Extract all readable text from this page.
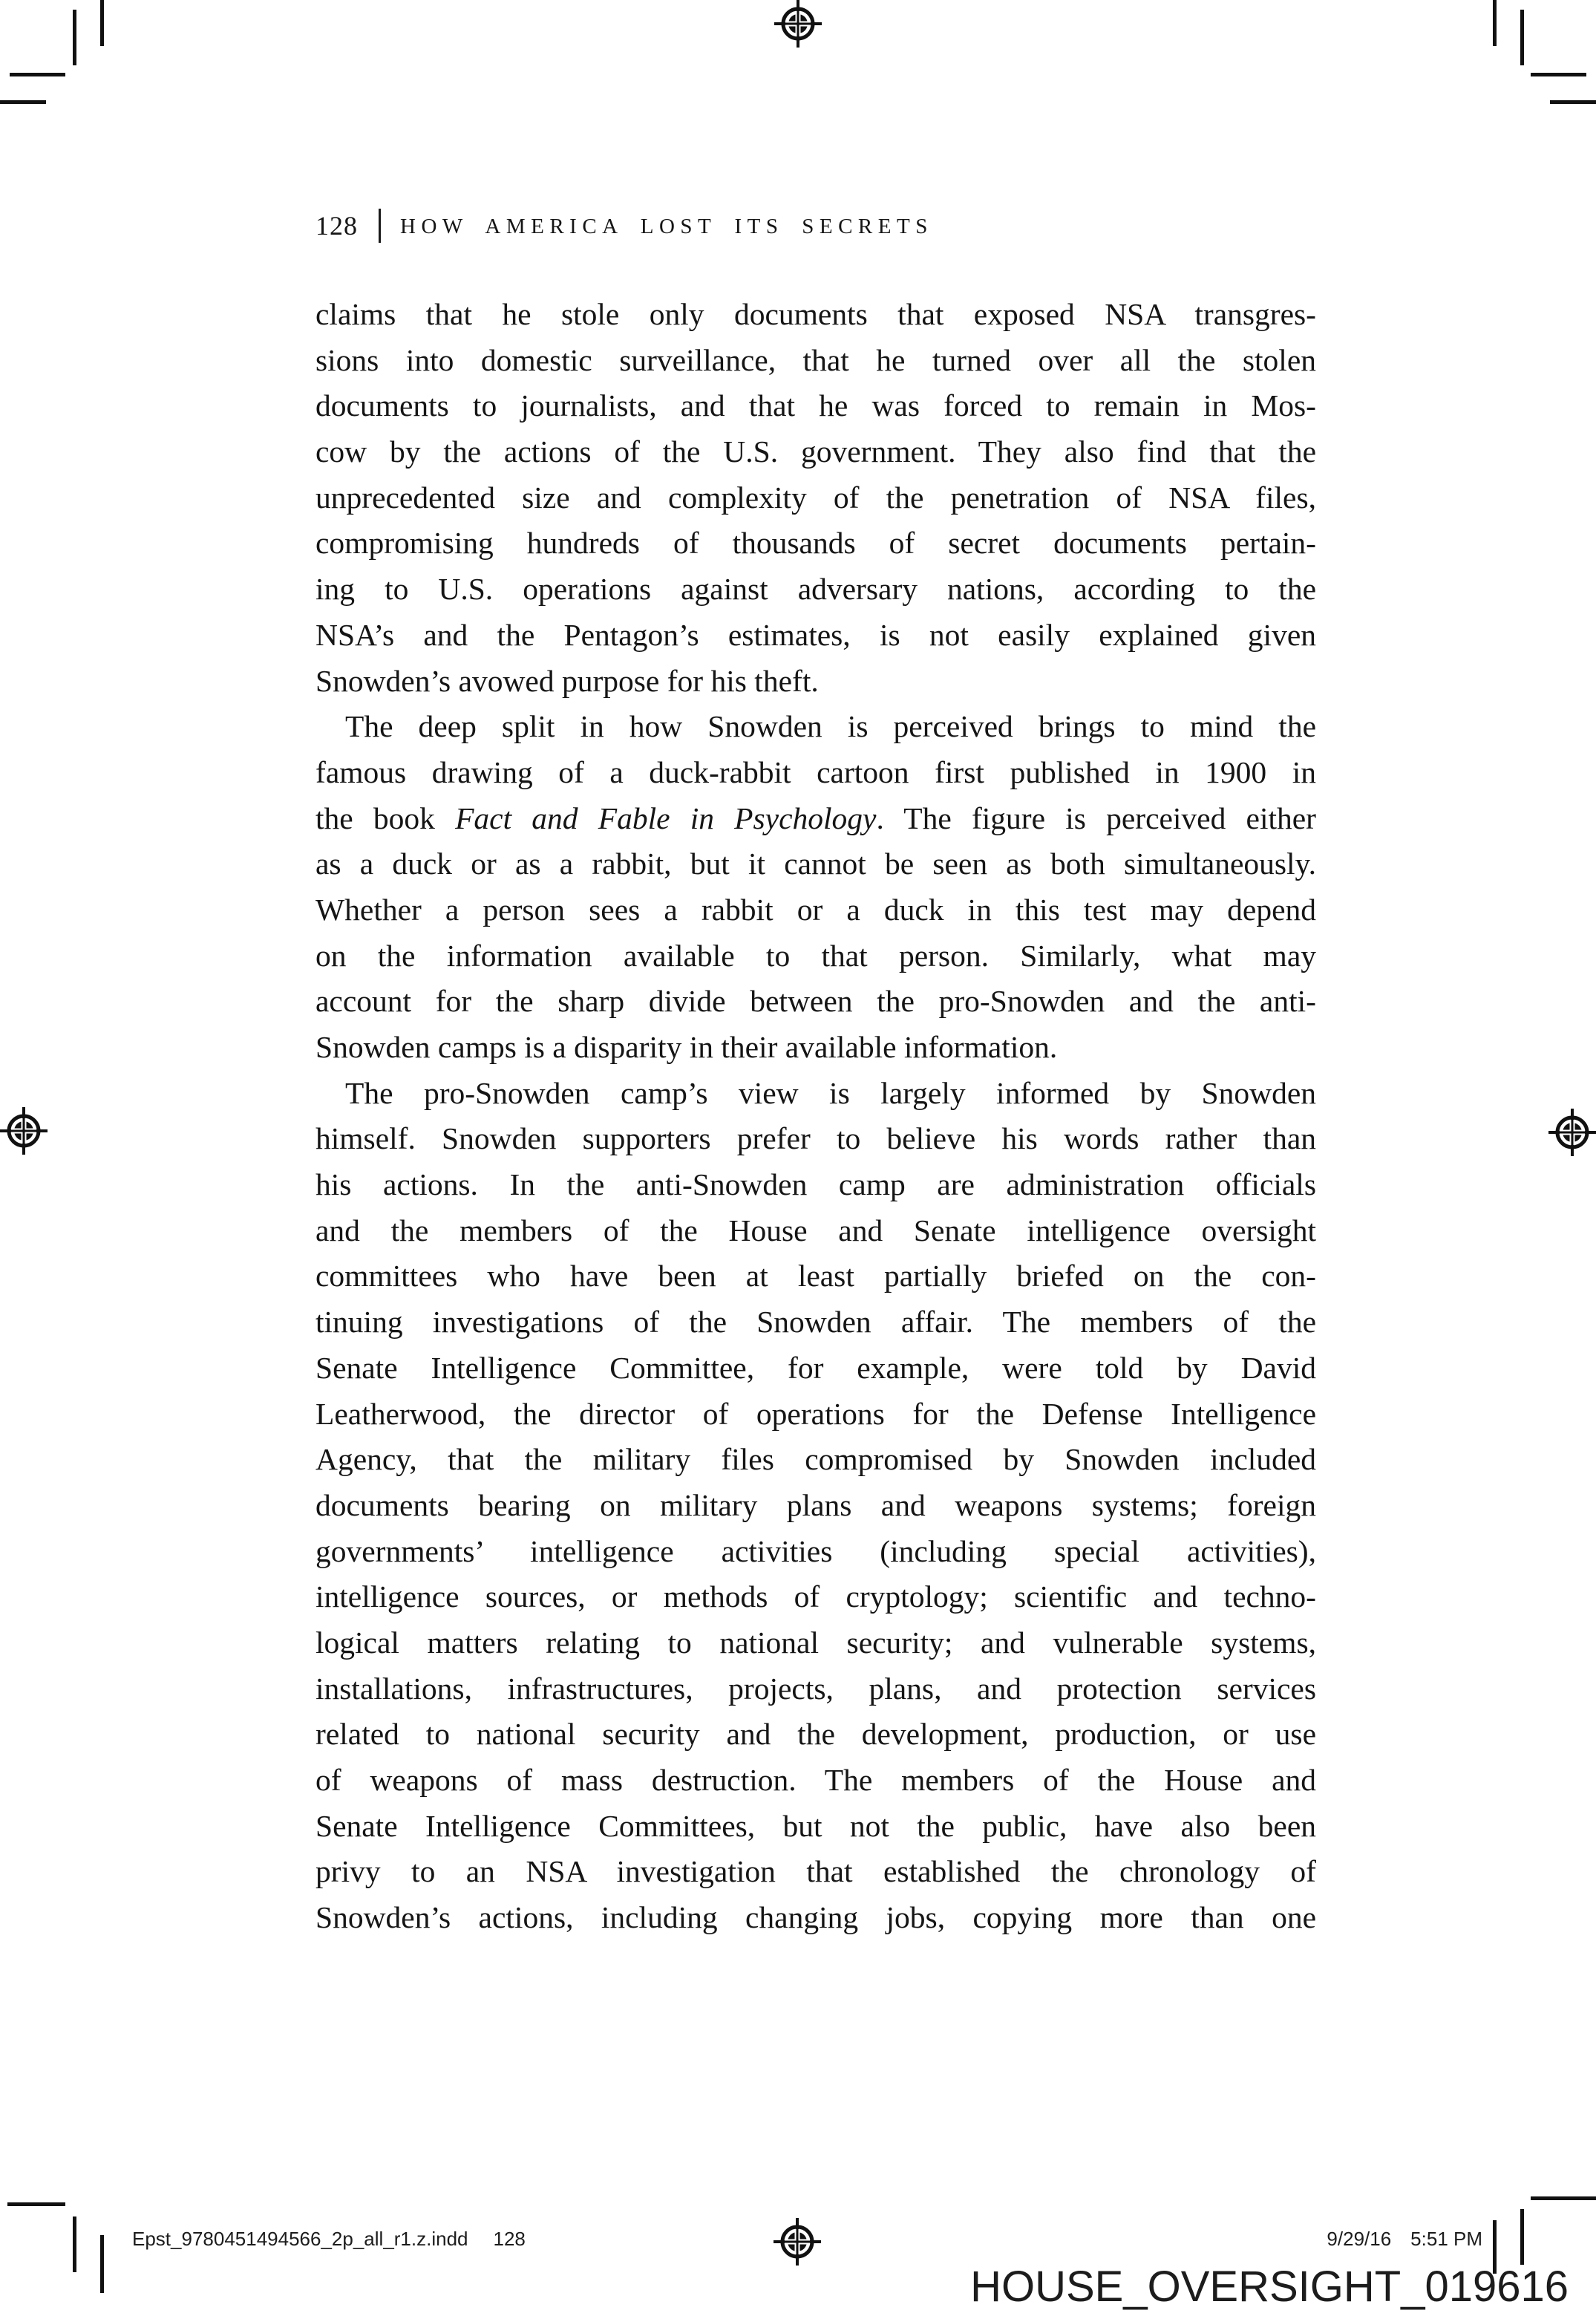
128 HOW AMERICA LOST ITS SECRETS
claims that he stole only documents that exposed NSA transgres-
sions into domestic surveillance, that he turned over all the stolen
documents to journalists, and that he was forced to remain in Mos-
cow by the actions of the U.S. government. They also find that the
unprecedented size and complexity of the penetration of NSA files,
compromising hundreds of thousands of secret documents pertain-
ing to U.S. operations against adversary nations, according to the
NSA’s and the Pentagon’s estimates, is not easily explained given
Snowden’s avowed purpose for his theft.
The deep split in how Snowden is perceived brings to mind the
famous drawing of a duck-rabbit cartoon first published in 1900 in
the book Fact and Fable in Psychology. The figure is perceived either
as a duck or as a rabbit, but it cannot be seen as both simultaneously.
Whether a person sees a rabbit or a duck in this test may depend
on the information available to that person. Similarly, what may
account for the sharp divide between the pro-Snowden and the anti-
Snowden camps is a disparity in their available information.
The pro-Snowden camp’s view is largely informed by Snowden
himself. Snowden supporters prefer to believe his words rather than
his actions. In the anti-Snowden camp are administration officials
and the members of the House and Senate intelligence oversight
committees who have been at least partially briefed on the con-
tinuing investigations of the Snowden affair. The members of the
Senate Intelligence Committee, for example, were told by David
Leatherwood, the director of operations for the Defense Intelligence
Agency, that the military files compromised by Snowden included
documents bearing on military plans and weapons systems; foreign
governments’ intelligence activities (including special activities),
intelligence sources, or methods of cryptology; scientific and techno-
logical matters relating to national security; and vulnerable systems,
installations, infrastructures, projects, plans, and protection services
related to national security and the development, production, or use
of weapons of mass destruction. The members of the House and
Senate Intelligence Committees, but not the public, have also been
privy to an NSA investigation that established the chronology of
Snowden’s actions, including changing jobs, copying more than one
Epst_9780451494566_2p_all_r1.z.indd 128	9/29/16 5:51 PM
HOUSE_OVERSIGHT_019616
